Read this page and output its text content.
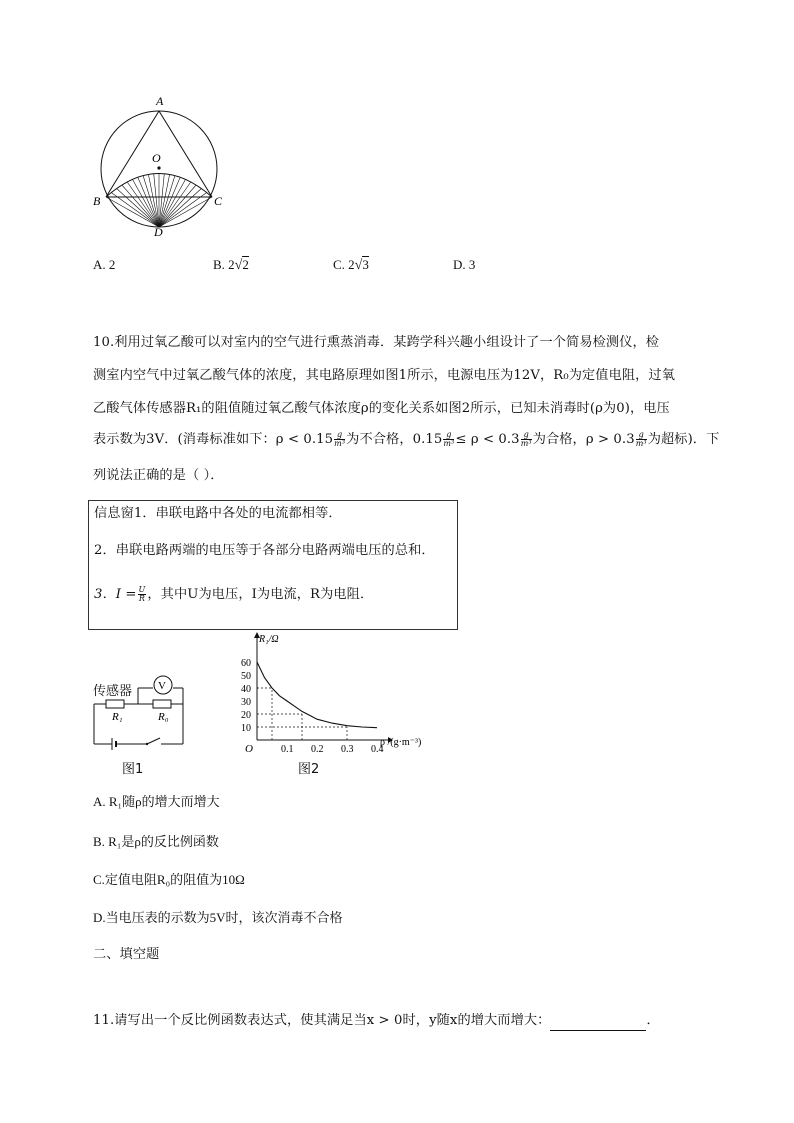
A
O
B	C
D
A. 2	B. 2√2	C. 2√3	D. 3
10.利用过氧乙酸可以对室内的空气进行熏蒸消毒．某跨学科兴趣小组设计了一个简易检测仪，检
测室内空气中过氧乙酸气体的浓度，其电路原理如图1所示，电源电压为12V，R₀为定值电阻，过氧
乙酸气体传感器R₁的阻值随过氧乙酸气体浓度ρ的变化关系如图2所示，已知未消毒时(ρ为0)，电压
表示数为3V．(消毒标准如下：$\rho < 0.15 \frac{g}{\text{m³}}$ 为不合格，$0.15 \frac{g}{\text{m³}} \le \rho < 0.3 \frac{g}{\text{m³}}$ 为合格，$\rho > 0.3 \frac{g}{\text{m³}}$ 为超标)．下
列说法正确的是（ ）．
信息窗1．串联电路中各处的电流都相等．
2．串联电路两端的电压等于各部分电路两端电压的总和．
3．$I = \frac{U}{R}$ ，其中U为电压，I为电流，R为电阻．
V
R₁	R₀
传感器
图1
0.1 0.2 0.3 0.4
10
20
30
40
50
60
O
R₁/Ω
ρ /(g·m⁻³)
图2
A. R₁随ρ的增大而增大
B. R₁是ρ的反比例函数
C.定值电阻R₀的阻值为10Ω
D.当电压表的示数为5V时，该次消毒不合格
二、填空题
11.请写出一个反比例函数表达式，使其满足当x > 0时，y随x的增大而增大：	．
